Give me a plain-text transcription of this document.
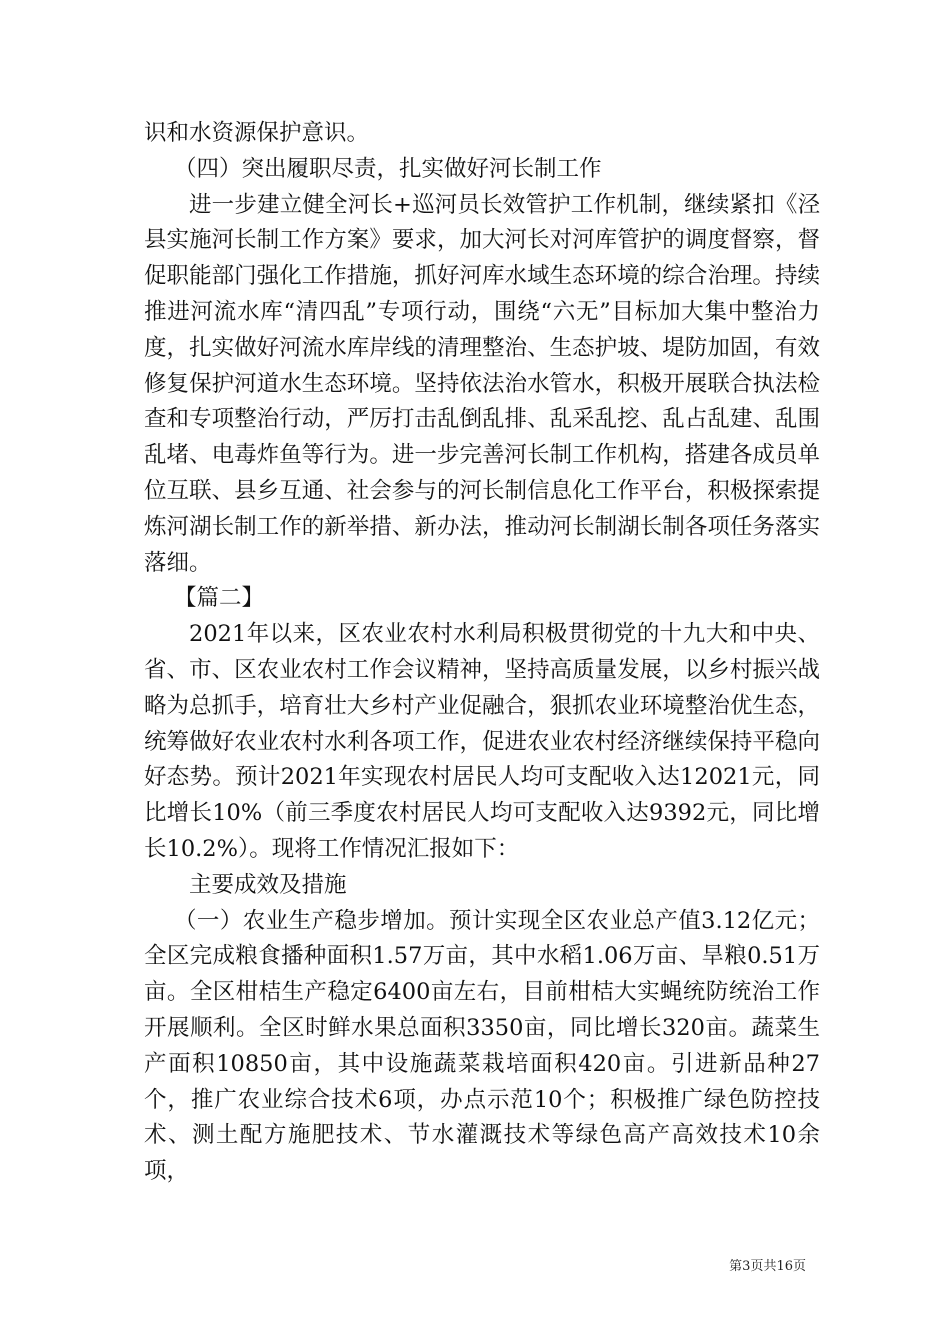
识和水资源保护意识。

（四）突出履职尽责，扎实做好河长制工作

进一步建立健全河长+巡河员长效管护工作机制，继续紧扣《泾县实施河长制工作方案》要求，加大河长对河库管护的调度督察，督促职能部门强化工作措施，抓好河库水域生态环境的综合治理。持续推进河流水库“清四乱”专项行动，围绕“六无”目标加大集中整治力度，扎实做好河流水库岸线的清理整治、生态护坡、堤防加固，有效修复保护河道水生态环境。坚持依法治水管水，积极开展联合执法检查和专项整治行动，严厉打击乱倒乱排、乱采乱挖、乱占乱建、乱围乱堵、电毒炸鱼等行为。进一步完善河长制工作机构，搭建各成员单位互联、县乡互通、社会参与的河长制信息化工作平台，积极探索提炼河湖长制工作的新举措、新办法，推动河长制湖长制各项任务落实落细。

【篇二】

2021年以来，区农业农村水利局积极贯彻党的十九大和中央、省、市、区农业农村工作会议精神，坚持高质量发展，以乡村振兴战略为总抓手，培育壮大乡村产业促融合，狠抓农业环境整治优生态，统筹做好农业农村水利各项工作，促进农业农村经济继续保持平稳向好态势。预计2021年实现农村居民人均可支配收入达12021元，同比增长10%（前三季度农村居民人均可支配收入达9392元，同比增长10.2%）。现将工作情况汇报如下：

主要成效及措施

（一）农业生产稳步增加。预计实现全区农业总产值3.12亿元；全区完成粮食播种面积1.57万亩，其中水稻1.06万亩、旱粮0.51万亩。全区柑桔生产稳定6400亩左右，目前柑桔大实蝇统防统治工作开展顺利。全区时鲜水果总面积3350亩，同比增长320亩。蔬菜生产面积10850亩，其中设施蔬菜栽培面积420亩。引进新品种27个，推广农业综合技术6项，办点示范10个；积极推广绿色防控技术、测土配方施肥技术、节水灌溉技术等绿色高产高效技术10余项，

第3页共16页
